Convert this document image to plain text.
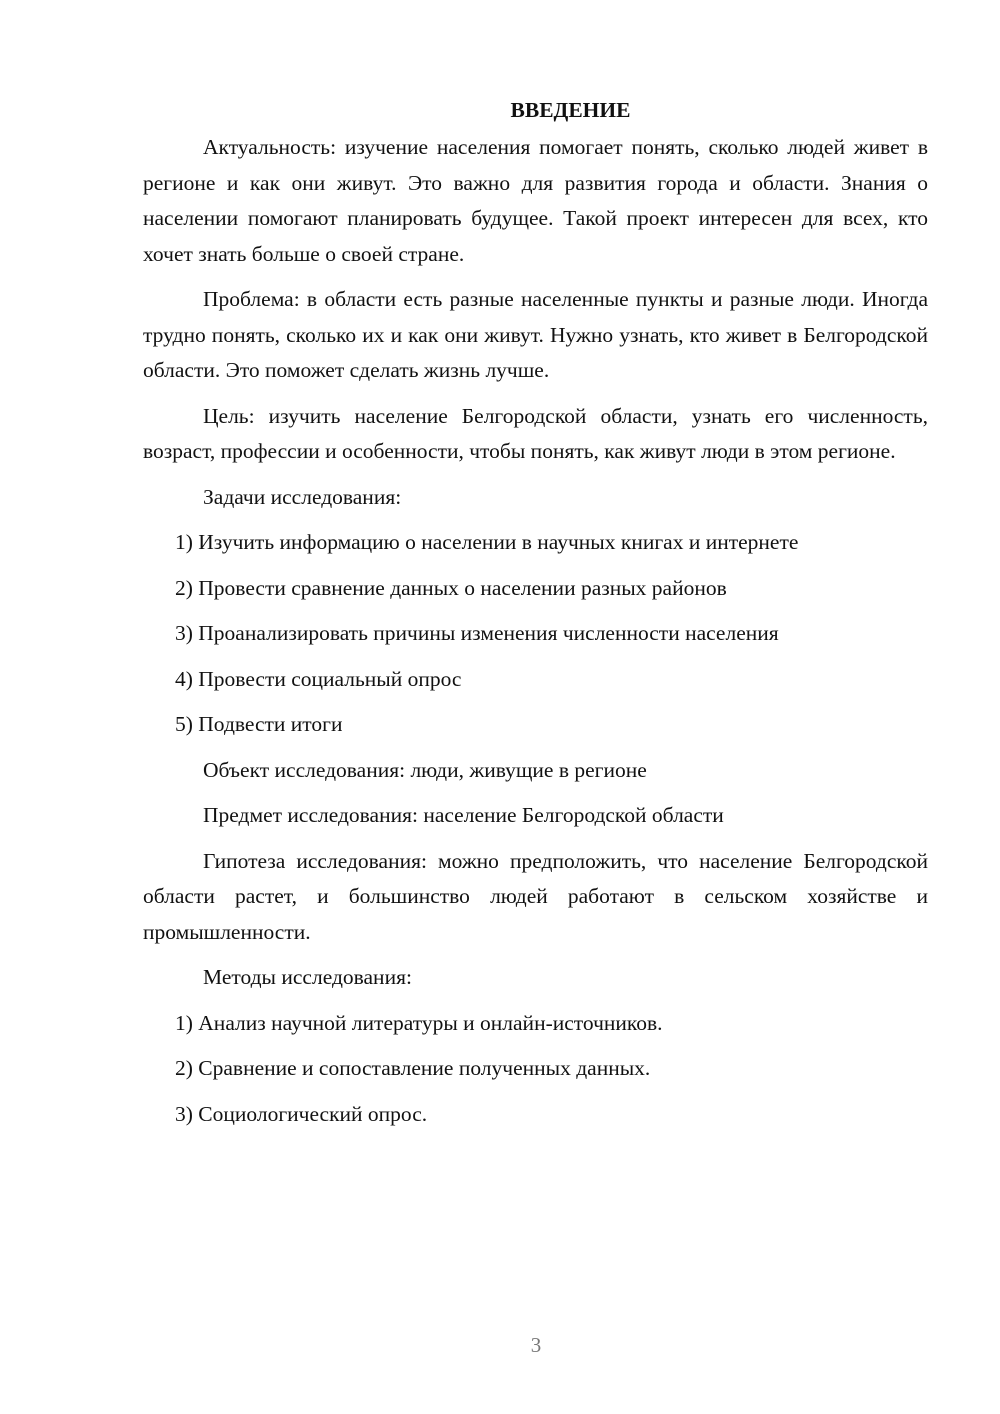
ВВЕДЕНИЕ

Актуальность: изучение населения помогает понять, сколько людей живет в регионе и как они живут. Это важно для развития города и области. Знания о населении помогают планировать будущее. Такой проект интересен для всех, кто хочет знать больше о своей стране.

Проблема: в области есть разные населенные пункты и разные люди. Иногда трудно понять, сколько их и как они живут. Нужно узнать, кто живет в Белгородской области. Это поможет сделать жизнь лучше.

Цель: изучить население Белгородской области, узнать его численность, возраст, профессии и особенности, чтобы понять, как живут люди в этом регионе.

Задачи исследования:

1) Изучить информацию о населении в научных книгах и интернете

2) Провести сравнение данных о населении разных районов

3) Проанализировать причины изменения численности населения

4) Провести социальный опрос

5) Подвести итоги

Объект исследования: люди, живущие в регионе

Предмет исследования: население Белгородской области

Гипотеза исследования: можно предположить, что население Белгородской области растет, и большинство людей работают в сельском хозяйстве и промышленности.

Методы исследования:

1) Анализ научной литературы и онлайн-источников.

2) Сравнение и сопоставление полученных данных.

3) Социологический опрос.

3
